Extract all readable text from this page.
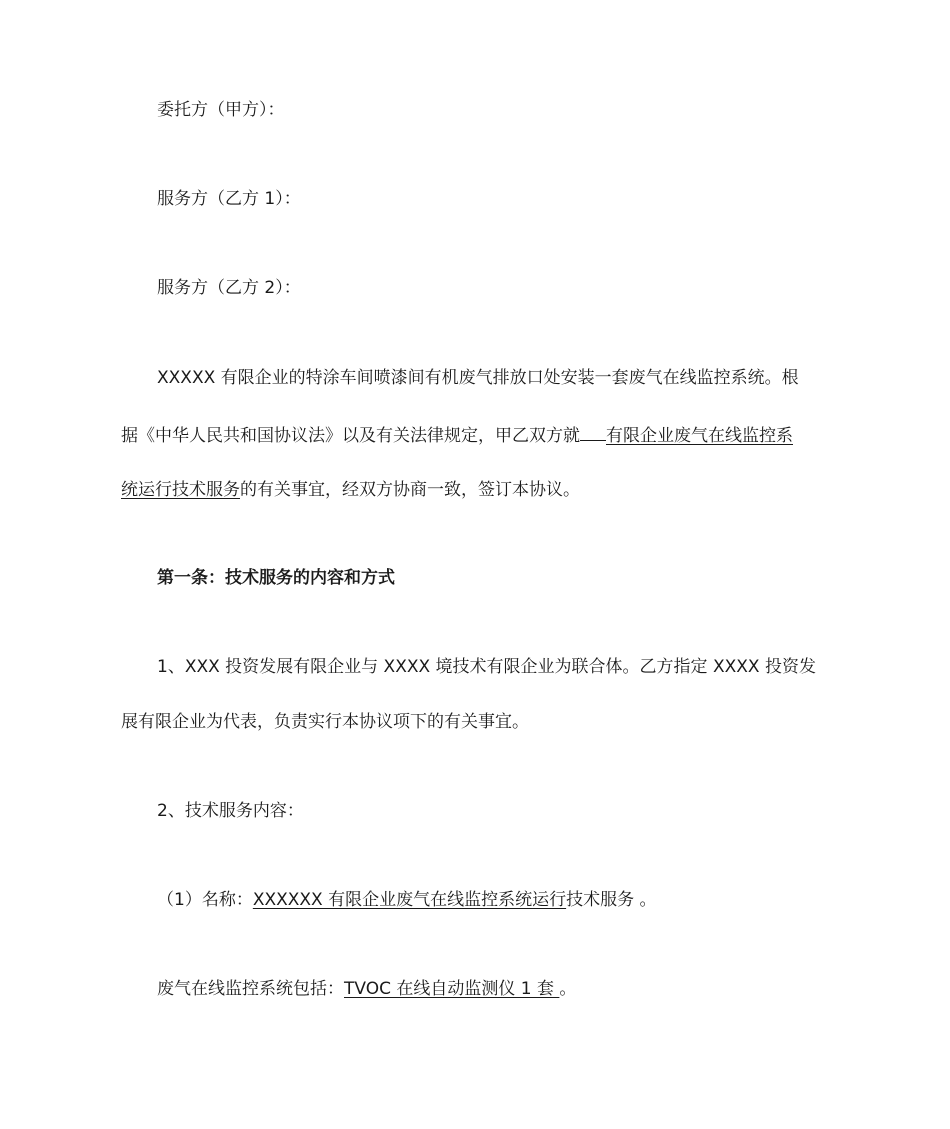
委托方（甲方）：
服务方（乙方 1）：
服务方（乙方 2）：
XXXXX 有限企业的特涂车间喷漆间有机废气排放口处安装一套废气在线监控系统。根
据《中华人民共和国协议法》以及有关法律规定，甲乙双方就 有限企业废气在线监控系
统运行技术服务的有关事宜，经双方协商一致，签订本协议。
第一条：技术服务的内容和方式
1、XXX 投资发展有限企业与 XXXX 境技术有限企业为联合体。乙方指定 XXXX 投资发
展有限企业为代表，负责实行本协议项下的有关事宜。
2、技术服务内容：
（1）名称：XXXXXX 有限企业废气在线监控系统运行技术服务 。
废气在线监控系统包括：TVOC 在线自动监测仪 1 套 。
